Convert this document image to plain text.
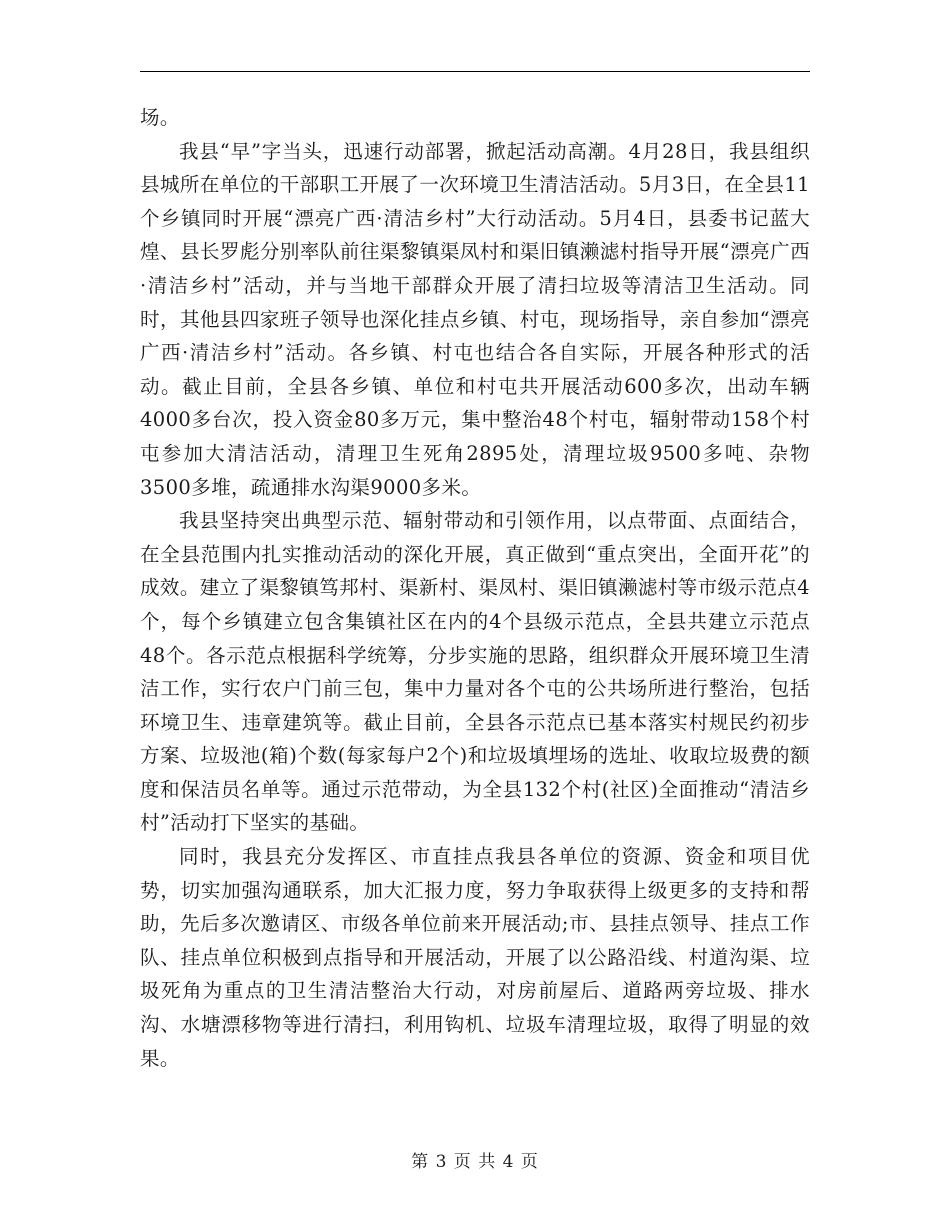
场。

我县“早”字当头，迅速行动部署，掀起活动高潮。4月28日，我县组织县城所在单位的干部职工开展了一次环境卫生清洁活动。5月3日，在全县11个乡镇同时开展“漂亮广西·清洁乡村”大行动活动。5月4日，县委书记蓝大煌、县长罗彪分别率队前往渠黎镇渠凤村和渠旧镇濑滤村指导开展“漂亮广西·清洁乡村”活动，并与当地干部群众开展了清扫垃圾等清洁卫生活动。同时，其他县四家班子领导也深化挂点乡镇、村屯，现场指导，亲自参加“漂亮广西·清洁乡村”活动。各乡镇、村屯也结合各自实际，开展各种形式的活动。截止目前，全县各乡镇、单位和村屯共开展活动600多次，出动车辆4000多台次，投入资金80多万元，集中整治48个村屯，辐射带动158个村屯参加大清洁活动，清理卫生死角2895处，清理垃圾9500多吨、杂物3500多堆，疏通排水沟渠9000多米。

我县坚持突出典型示范、辐射带动和引领作用，以点带面、点面结合，在全县范围内扎实推动活动的深化开展，真正做到“重点突出，全面开花”的成效。建立了渠黎镇笃邦村、渠新村、渠凤村、渠旧镇濑滤村等市级示范点4个，每个乡镇建立包含集镇社区在内的4个县级示范点，全县共建立示范点48个。各示范点根据科学统筹，分步实施的思路，组织群众开展环境卫生清洁工作，实行农户门前三包，集中力量对各个屯的公共场所进行整治，包括环境卫生、违章建筑等。截止目前，全县各示范点已基本落实村规民约初步方案、垃圾池(箱)个数(每家每户2个)和垃圾填埋场的选址、收取垃圾费的额度和保洁员名单等。通过示范带动，为全县132个村(社区)全面推动“清洁乡村”活动打下坚实的基础。

同时，我县充分发挥区、市直挂点我县各单位的资源、资金和项目优势，切实加强沟通联系，加大汇报力度，努力争取获得上级更多的支持和帮助，先后多次邀请区、市级各单位前来开展活动;市、县挂点领导、挂点工作队、挂点单位积极到点指导和开展活动，开展了以公路沿线、村道沟渠、垃圾死角为重点的卫生清洁整治大行动，对房前屋后、道路两旁垃圾、排水沟、水塘漂移物等进行清扫，利用钩机、垃圾车清理垃圾，取得了明显的效果。

第 3 页 共 4 页
